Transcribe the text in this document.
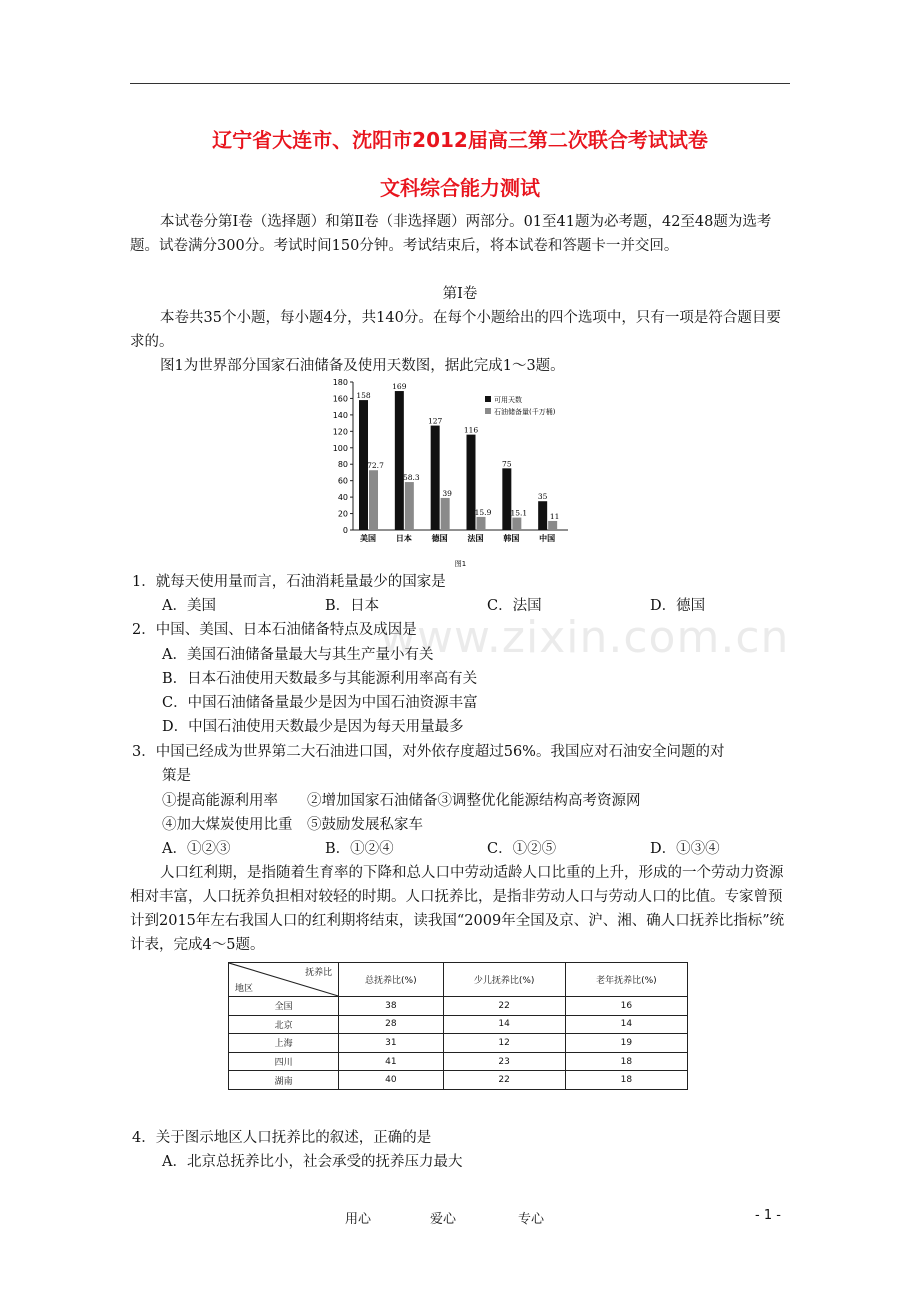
辽宁省大连市、沈阳市2012届高三第二次联合考试试卷
文科综合能力测试
本试卷分第Ⅰ卷（选择题）和第Ⅱ卷（非选择题）两部分。01至41题为必考题，42至48题为选考题。试卷满分300分。考试时间150分钟。考试结束后，将本试卷和答题卡一并交回。
第Ⅰ卷
本卷共35个小题，每小题4分，共140分。在每个小题给出的四个选项中，只有一项是符合题目要求的。
图1为世界部分国家石油储备及使用天数图，据此完成1～3题。
www.zixin.com.cn
0
20
40
60
80
100
120
140
160
180
158
72.7
美国
169
58.3
日本
127
39
德国
116
15.9
法国
75
15.1
韩国
35
11
中国
可用天数
石油储备量(千万桶)
图1
1．就每天使用量而言，石油消耗量最少的国家是
A．美国	B．日本	C．法国	D．德国
2．中国、美国、日本石油储备特点及成因是
A．美国石油储备量最大与其生产量小有关
B．日本石油使用天数最多与其能源利用率高有关
C．中国石油储备量最少是因为中国石油资源丰富
D．中国石油使用天数最少是因为每天用量最多
3．中国已经成为世界第二大石油进口国，对外依存度超过56%。我国应对石油安全问题的对
策是
①提高能源利用率　　②增加国家石油储备③调整优化能源结构高考资源网
④加大煤炭使用比重　⑤鼓励发展私家车
A．①②③	B．①②④	C．①②⑤	D．①③④
人口红利期，是指随着生育率的下降和总人口中劳动适龄人口比重的上升，形成的一个劳动力资源相对丰富，人口抚养负担相对较轻的时期。人口抚养比，是指非劳动人口与劳动人口的比值。专家曾预计到2015年左右我国人口的红利期将结束，读我国“2009年全国及京、沪、湘、确人口抚养比指标”统计表，完成4～5题。
抚养比
地区	总抚养比(%)	少儿抚养比(%)	老年抚养比(%)
全国	38	22	16
北京	28	14	14
上海	31	12	19
四川	41	23	18
湖南	40	22	18
4．关于图示地区人口抚养比的叙述，正确的是
A．北京总抚养比小，社会承受的抚养压力最大
用心	爱心	专心	- 1 -
